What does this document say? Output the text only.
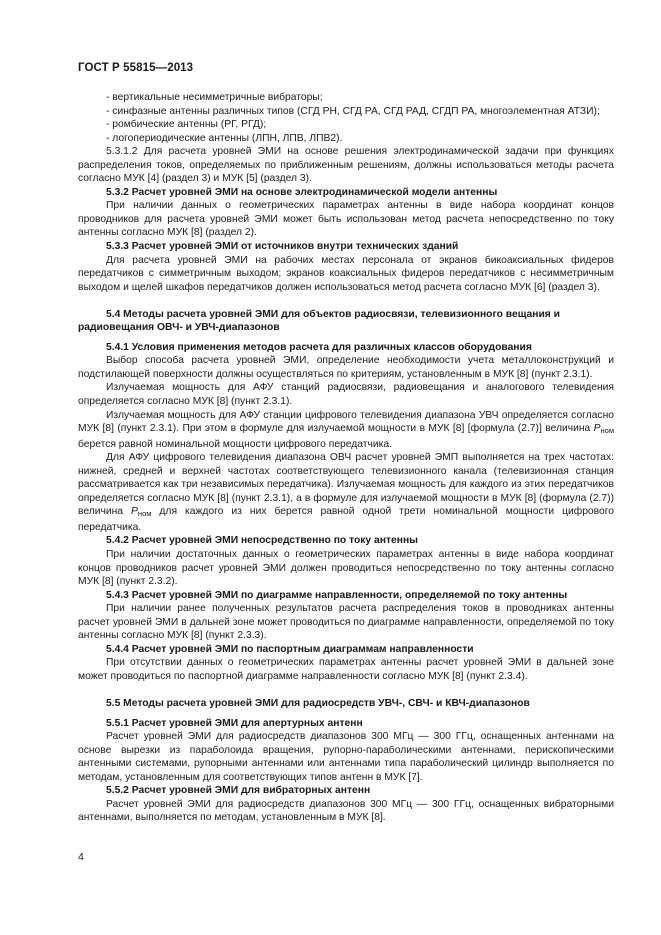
ГОСТ Р 55815—2013

- вертикальные несимметричные вибраторы;

- синфазные антенны различных типов (СГД РН, СГД РА, СГД РАД, СГДП РА, многоэлементная АТЗИ);

- ромбические антенны (РГ, РГД);

- логопериодические антенны (ЛПН, ЛПВ, ЛПВ2).

5.3.1.2 Для расчета уровней ЭМИ на основе решения электродинамической задачи при функциях распределения токов, определяемых по приближенным решениям, должны использоваться методы расчета согласно МУК [4] (раздел 3) и МУК [5] (раздел 3).

5.3.2 Расчет уровней ЭМИ на основе электродинамической модели антенны

При наличии данных о геометрических параметрах антенны в виде набора координат концов проводников для расчета уровней ЭМИ может быть использован метод расчета непосредственно по току антенны согласно МУК [8] (раздел 2).

5.3.3 Расчет уровней ЭМИ от источников внутри технических зданий

Для расчета уровней ЭМИ на рабочих местах персонала от экранов бикоаксиальных фидеров передатчиков с симметричным выходом; экранов коаксиальных фидеров передатчиков с несимметричным выходом и щелей шкафов передатчиков должен использоваться метод расчета согласно МУК [6] (раздел 3).

5.4 Методы расчета уровней ЭМИ для объектов радиосвязи, телевизионного вещания и радиовещания ОВЧ- и УВЧ-диапазонов

5.4.1 Условия применения методов расчета для различных классов оборудования

Выбор способа расчета уровней ЭМИ, определение необходимости учета металлоконструкций и подстилающей поверхности должны осуществляться по критериям, установленным в МУК [8] (пункт 2.3.1).

Излучаемая мощность для АФУ станций радиосвязи, радиовещания и аналогового телевидения определяется согласно МУК [8] (пункт 2.3.1).

Излучаемая мощность для АФУ станции цифрового телевидения диапазона УВЧ определяется согласно МУК [8] (пункт 2.3.1). При этом в формуле для излучаемой мощности в МУК [8] [формула (2.7)] величина $P_{ном}$ берется равной номинальной мощности цифрового передатчика.

Для АФУ цифрового телевидения диапазона ОВЧ расчет уровней ЭМП выполняется на трех частотах: нижней, средней и верхней частотах соответствующего телевизионного канала (телевизионная станция рассматривается как три независимых передатчика). Излучаемая мощность для каждого из этих передатчиков определяется согласно МУК [8] (пункт 2.3.1), а в формуле для излучаемой мощности в МУК [8] (формула (2.7)) величина $P_{ном}$ для каждого из них берется равной одной трети номинальной мощности цифрового передатчика.

5.4.2 Расчет уровней ЭМИ непосредственно по току антенны

При наличии достаточных данных о геометрических параметрах антенны в виде набора координат концов проводников расчет уровней ЭМИ должен проводиться непосредственно по току антенны согласно МУК [8] (пункт 2.3.2).

5.4.3 Расчет уровней ЭМИ по диаграмме направленности, определяемой по току антенны

При наличии ранее полученных результатов расчета распределения токов в проводниках антенны расчет уровней ЭМИ в дальней зоне может проводиться по диаграмме направленности, определяемой по току антенны согласно МУК [8] (пункт 2.3.3).

5.4.4 Расчет уровней ЭМИ по паспортным диаграммам направленности

При отсутствии данных о геометрических параметрах антенны расчет уровней ЭМИ в дальней зоне может проводиться по паспортной диаграмме направленности согласно МУК [8] (пункт 2.3.4).

5.5 Методы расчета уровней ЭМИ для радиосредств УВЧ-, СВЧ- и КВЧ-диапазонов

5.5.1 Расчет уровней ЭМИ для апертурных антенн

Расчет уровней ЭМИ для радиосредств диапазонов 300 МГц — 300 ГГц, оснащенных антеннами на основе вырезки из параболоида вращения, рупорно-параболическими антеннами, перископическими антенными системами, рупорными антеннами или антеннами типа параболический цилиндр выполняется по методам, установленным для соответствующих типов антенн в МУК [7].

5.5.2 Расчет уровней ЭМИ для вибраторных антенн

Расчет уровней ЭМИ для радиосредств диапазонов 300 МГц — 300 ГГц, оснащенных вибраторными антеннами, выполняется по методам, установленным в МУК [8].

4
